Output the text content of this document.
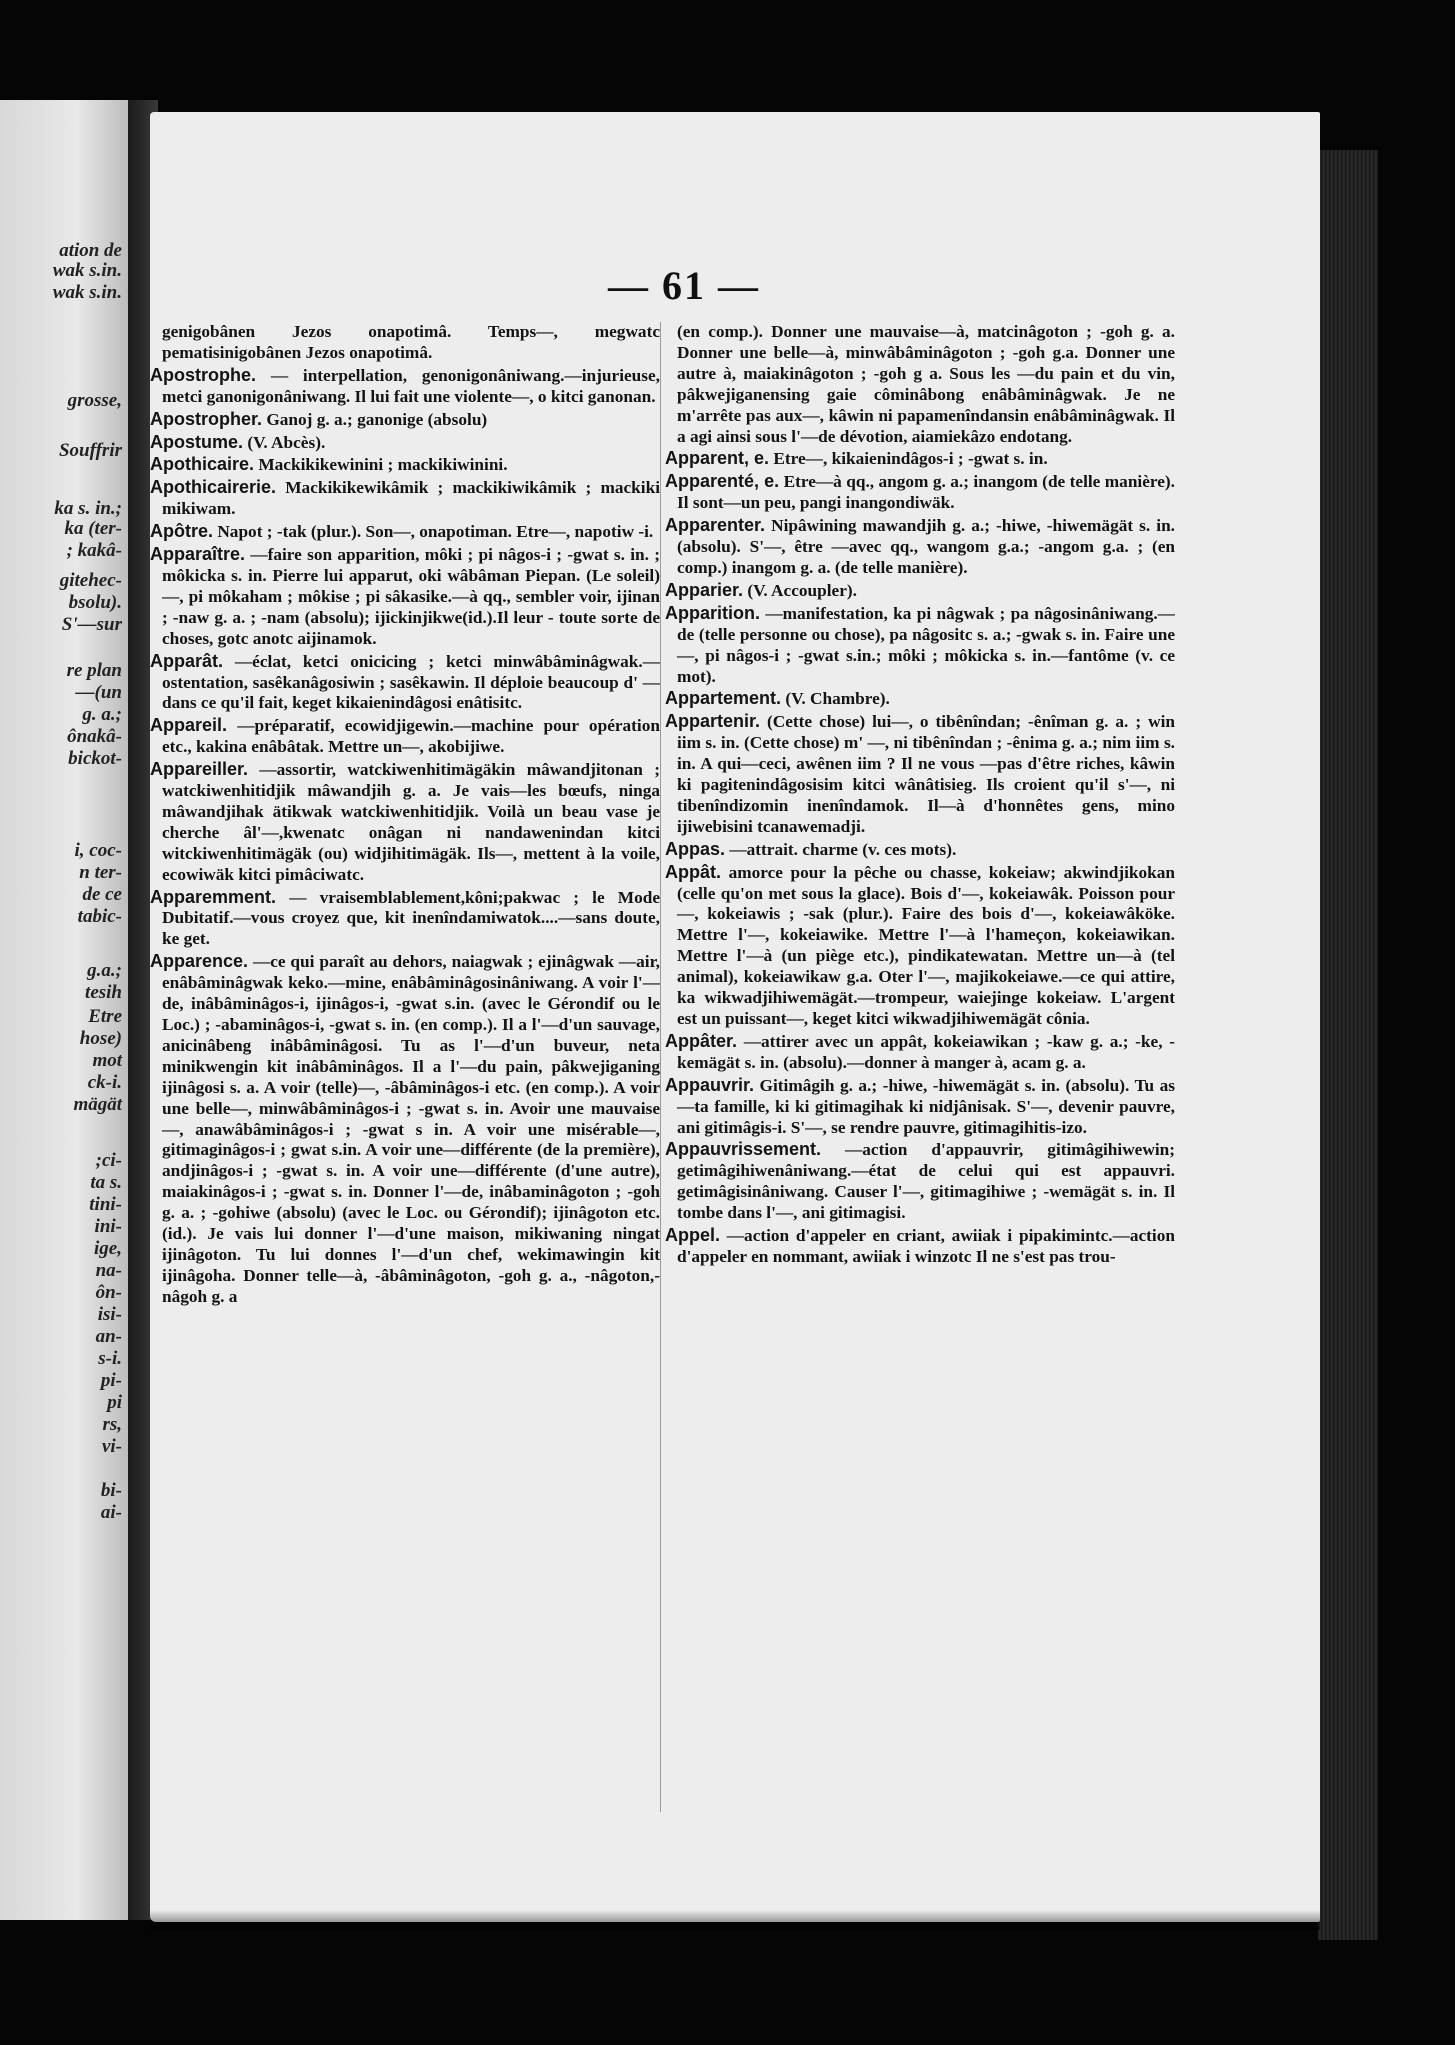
ation de
wak s.in.
wak s.in.
grosse,
Souffrir
ka s. in.;
ka (ter-
; kakâ-
gitehec-
bsolu).
S'—sur
re plan
—(un
g. a.;
ônakâ-
bickot-
i, coc-
n ter-
de ce
tabic-
g.a.;
tesih
Etre
hose)
mot
ck-i.
mägät
;ci-
ta s.
tini-
ini-
ige,
na-
ôn-
isi-
an-
s-i.
pi-
pi
rs,
vi-
bi-
ai-
— 61 —

genigobânen Jezos onapotimâ. Temps—, megwatc pematisinigobânen Jezos onapotimâ.

Apostrophe. — interpellation, genonigonâniwang.—injurieuse, metci ganonigonâniwang. Il lui fait une violente—, o kitci ganonan.

Apostropher. Ganoj g. a.; ganonige (absolu)

Apostume. (V. Abcès).

Apothicaire. Mackikikewinini ; mackikiwinini.

Apothicairerie. Mackikikewikâmik ; mackikiwikâmik ; mackiki mikiwam.

Apôtre. Napot ; -tak (plur.). Son—, onapotiman. Etre—, napotiw -i.

Apparaître. —faire son apparition, môki ; pi nâgos-i ; -gwat s. in. ; môkicka s. in. Pierre lui apparut, oki wâbâman Piepan. (Le soleil) —, pi môkaham ; môkise ; pi sâkasike.—à qq., sembler voir, ijinan ; -naw g. a. ; -nam (absolu); ijickinjikwe(id.).Il leur - toute sorte de choses, gotc anotc aijinamok.

Apparât. —éclat, ketci onicicing ; ketci minwâbâminâgwak.—ostentation, sasêkanâgosiwin ; sasêkawin. Il déploie beaucoup d' —dans ce qu'il fait, keget kikaienindâgosi enâtisitc.

Appareil. —préparatif, ecowidjigewin.—machine pour opération etc., kakina enâbâtak. Mettre un—, akobijiwe.

Appareiller. —assortir, watckiwenhitimägäkin mâwandjitonan ; watckiwenhitidjik mâwandjih g. a. Je vais—les bœufs, ninga mâwandjihak ätikwak watckiwenhitidjik. Voilà un beau vase je cherche âl'—,kwenatc onâgan ni nandawenindan kitci witckiwenhitimägäk (ou) widjihitimägäk. Ils—, mettent à la voile, ecowiwäk kitci pimâciwatc.

Apparemment. — vraisemblablement,kôni;pakwac ; le Mode Dubitatif.—vous croyez que, kit inenîndamiwatok....—sans doute, ke get.

Apparence. —ce qui paraît au dehors, naiagwak ; ejinâgwak —air, enâbâminâgwak keko.—mine, enâbâminâgosinâniwang. A voir l'—de, inâbâminâgos-i, ijinâgos-i, -gwat s.in. (avec le Gérondif ou le Loc.) ; -abaminâgos-i, -gwat s. in. (en comp.). Il a l'—d'un sauvage, anicinâbeng inâbâminâgosi. Tu as l'—d'un buveur, neta minikwengin kit inâbâminâgos. Il a l'—du pain, pâkwejiganing ijinâgosi s. a. A voir (telle)—, -âbâminâgos-i etc. (en comp.). A voir une belle—, minwâbâminâgos-i ; -gwat s. in. Avoir une mauvaise —, anawâbâminâgos-i ; -gwat s in. A voir une misérable—, gitimaginâgos-i ; gwat s.in. A voir une—différente (de la première), andjinâgos-i ; -gwat s. in. A voir une—différente (d'une autre), maiakinâgos-i ; -gwat s. in. Donner l'—de, inâbaminâgoton ; -goh g. a. ; -gohiwe (absolu) (avec le Loc. ou Gérondif); ijinâgoton etc. (id.). Je vais lui donner l'—d'une maison, mikiwaning ningat ijinâgoton. Tu lui donnes l'—d'un chef, wekimawingin kit ijinâgoha. Donner telle—à, -âbâminâgoton, -goh g. a., -nâgoton,-nâgoh g. a

(en comp.). Donner une mauvaise—à, matcinâgoton ; -goh g. a. Donner une belle—à, minwâbâminâgoton ; -goh g.a. Donner une autre à, maiakinâgoton ; -goh g a. Sous les —du pain et du vin, pâkwejiganensing gaie côminâbong enâbâminâgwak. Je ne m'arrête pas aux—, kâwin ni papamenîndansin enâbâminâgwak. Il a agi ainsi sous l'—de dévotion, aiamiekâzo endotang.

Apparent, e. Etre—, kikaienindâgos-i ; -gwat s. in.

Apparenté, e. Etre—à qq., angom g. a.; inangom (de telle manière). Il sont—un peu, pangi inangondiwäk.

Apparenter. Nipâwining mawandjih g. a.; -hiwe, -hiwemägät s. in. (absolu). S'—, être —avec qq., wangom g.a.; -angom g.a. ; (en comp.) inangom g. a. (de telle manière).

Apparier. (V. Accoupler).

Apparition. —manifestation, ka pi nâgwak ; pa nâgosinâniwang.—de (telle personne ou chose), pa nâgositc s. a.; -gwak s. in. Faire une—, pi nâgos-i ; -gwat s.in.; môki ; môkicka s. in.—fantôme (v. ce mot).

Appartement. (V. Chambre).

Appartenir. (Cette chose) lui—, o tibênîndan; -ênîman g. a. ; win iim s. in. (Cette chose) m' —, ni tibênîndan ; -ênima g. a.; nim iim s. in. A qui—ceci, awênen iim ? Il ne vous —pas d'être riches, kâwin ki pagitenindâgosisim kitci wânâtisieg. Ils croient qu'il s'—, ni tibenîndizomin inenîndamok. Il—à d'honnêtes gens, mino ijiwebisini tcanawemadji.

Appas. —attrait. charme (v. ces mots).

Appât. amorce pour la pêche ou chasse, kokeiaw; akwindjikokan (celle qu'on met sous la glace). Bois d'—, kokeiawâk. Poisson pour—, kokeiawis ; -sak (plur.). Faire des bois d'—, kokeiawâköke. Mettre l'—, kokeiawike. Mettre l'—à l'hameçon, kokeiawikan. Mettre l'—à (un piège etc.), pindikatewatan. Mettre un—à (tel animal), kokeiawikaw g.a. Oter l'—, majikokeiawe.—ce qui attire, ka wikwadjihiwemägät.—trompeur, waiejinge kokeiaw. L'argent est un puissant—, keget kitci wikwadjihiwemägät cônia.

Appâter. —attirer avec un appât, kokeiawikan ; -kaw g. a.; -ke, -kemägät s. in. (absolu).—donner à manger à, acam g. a.

Appauvrir. Gitimâgih g. a.; -hiwe, -hiwemägät s. in. (absolu). Tu as—ta famille, ki ki gitimagihak ki nidjânisak. S'—, devenir pauvre, ani gitimâgis-i. S'—, se rendre pauvre, gitimagihitis-izo.

Appauvrissement. —action d'appauvrir, gitimâgihiwewin; getimâgihiwenâniwang.—état de celui qui est appauvri. getimâgisinâniwang. Causer l'—, gitimagihiwe ; -wemägät s. in. Il tombe dans l'—, ani gitimagisi.

Appel. —action d'appeler en criant, awiiak i pipakimintc.—action d'appeler en nommant, awiiak i winzotc Il ne s'est pas trou-
